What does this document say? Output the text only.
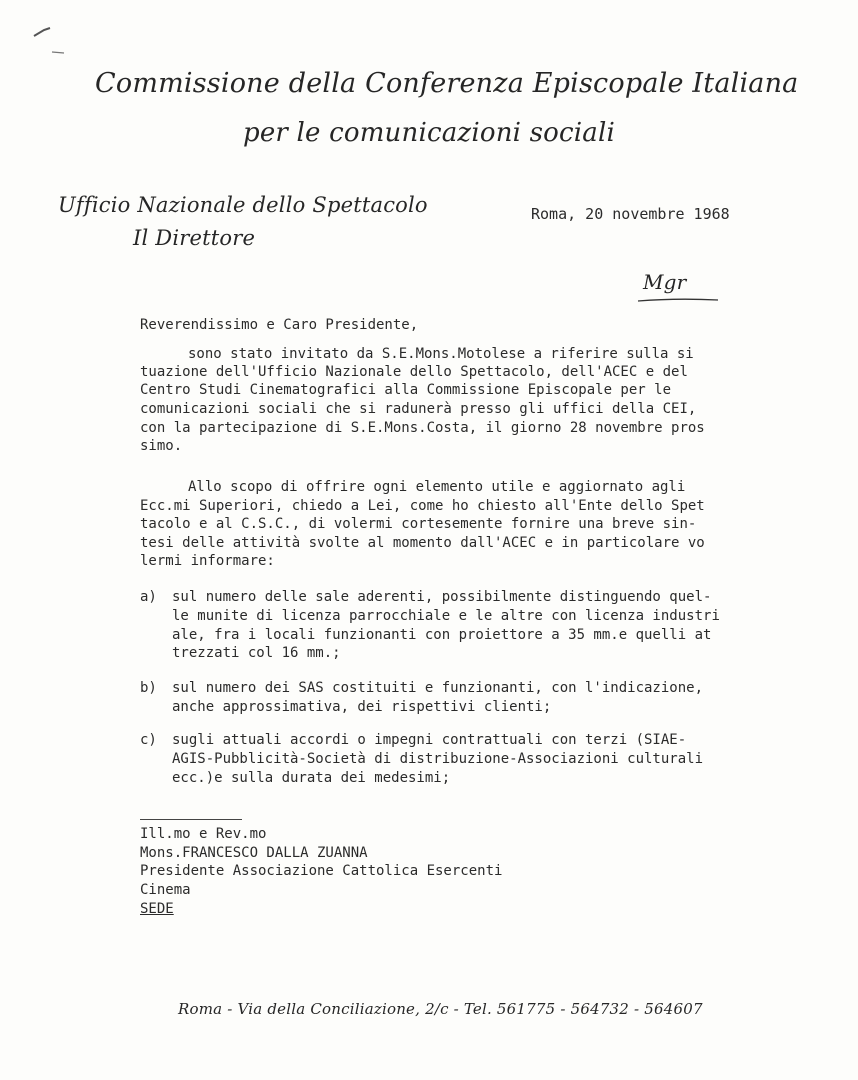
Commissione della Conferenza Episcopale Italiana
per le comunicazioni sociali
Ufficio Nazionale dello Spettacolo
Il Direttore
Roma, 20 novembre 1968
Mgr
Reverendissimo e Caro Presidente,
sono stato invitato da S.E.Mons.Motolese a riferire sulla si
tuazione dell'Ufficio Nazionale dello Spettacolo, dell'ACEC e del
Centro Studi Cinematografici alla Commissione Episcopale per le
comunicazioni sociali che si radunerà presso gli uffici della CEI,
con la partecipazione di S.E.Mons.Costa, il giorno 28 novembre pros
simo.
Allo scopo di offrire ogni elemento utile e aggiornato agli
Ecc.mi Superiori, chiedo a Lei, come ho chiesto all'Ente dello Spet
tacolo e al C.S.C., di volermi cortesemente fornire una breve sin-
tesi delle attività svolte al momento dall'ACEC e in particolare vo
lermi informare:
a) sul numero delle sale aderenti, possibilmente distinguendo quel-
le munite di licenza parrocchiale e le altre con licenza industri
ale, fra i locali funzionanti con proiettore a 35 mm.e quelli at
trezzati col 16 mm.;
b) sul numero dei SAS costituiti e funzionanti, con l'indicazione,
anche approssimativa, dei rispettivi clienti;
c) sugli attuali accordi o impegni contrattuali con terzi (SIAE-
AGIS-Pubblicità-Società di distribuzione-Associazioni culturali
ecc.)e sulla durata dei medesimi;
Ill.mo e Rev.mo
Mons.FRANCESCO DALLA ZUANNA
Presidente Associazione Cattolica Esercenti
Cinema
SEDE
Roma - Via della Conciliazione, 2/c - Tel. 561775 - 564732 - 564607
